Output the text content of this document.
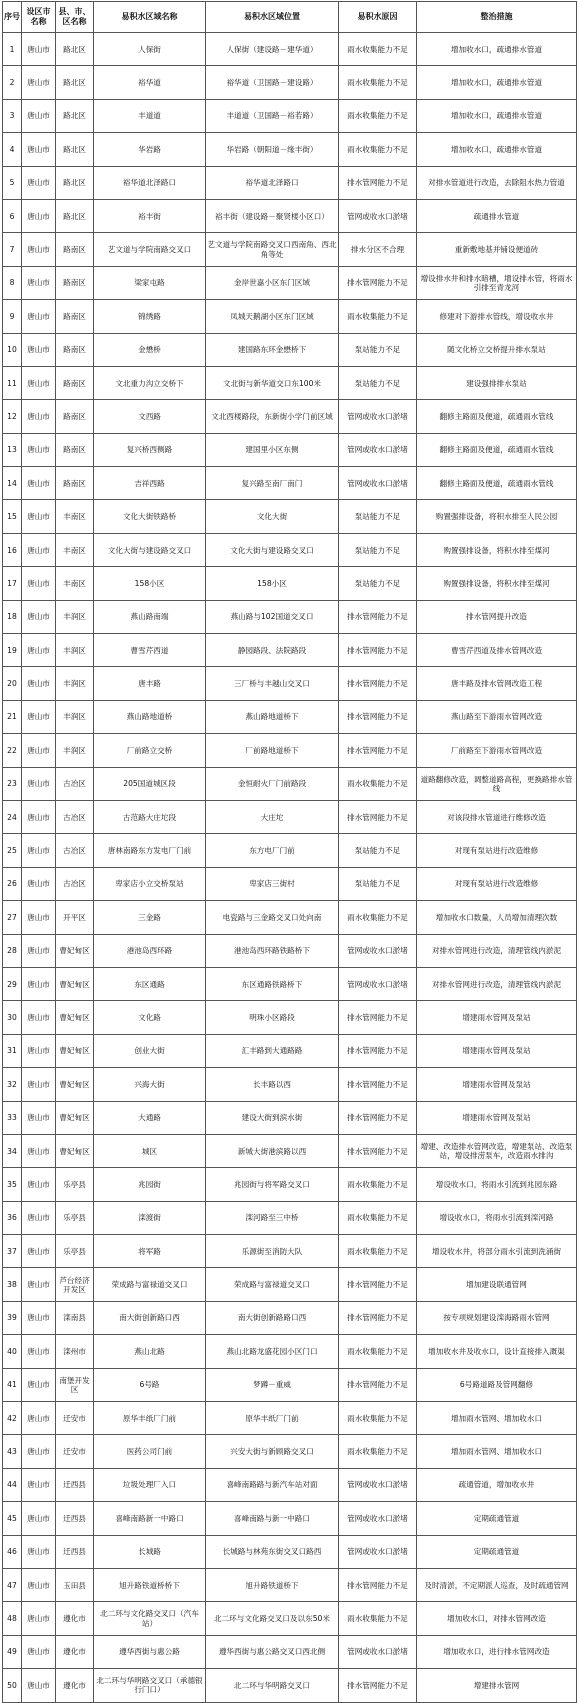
序号	设区市名称	县、市、区名称	易积水区域名称	易积水区域位置	易积水原因	整治措施
1	唐山市	路北区	人保街	人保街（建设路－建华道）	雨水收集能力不足	增加收水口，疏通排水管道
2	唐山市	路北区	裕华道	裕华道（卫国路－建设路）	雨水收集能力不足	增加收水口，疏通排水管道
3	唐山市	路北区	丰道道	丰道道（卫国路－裕若路）	雨水收集能力不足	增加收水口，疏通排水管道
4	唐山市	路北区	华岩路	华岩路（朝阳道－缘丰街）	雨水收集能力不足	增加收水口，疏通排水管道
5	唐山市	路北区	裕华道北泽路口	裕华道北泽路口	排水管网能力不足	对排水管道进行改造，去除阻水热力管道
6	唐山市	路北区	裕丰街	裕丰街（建设路－聚贤楼小区口）	管网或收水口淤堵	疏通排水管道
7	唐山市	路南区	艺文道与学院南路交叉口	艺文道与学院南路交叉口西南角、西北角等处	排水分区不合理	重新敷地基并铺设便道砖
8	唐山市	路南区	梁家屯路	金岸世嘉小区东门区域	排水管网能力不足	增设排水井和排水暗槽，增设排水管，将雨水引排至青龙河
9	唐山市	路南区	锦绣路	凤城天鹅湖小区东门区域	雨水收集能力不足	修建对下游排水管线，增设收水井
10	唐山市	路南区	金懋桥	建国路东环金懋桥下	泵站能力不足	随文化桥立交桥提升排水泵站
11	唐山市	路南区	文北重力沟立交桥下	文北街与新华道交口东100米	泵站能力不足	建设强排排水泵站
12	唐山市	路南区	文西路	文北西楼路段，东新街小学门前区域	管网或收水口淤堵	翻修主路面及便道，疏通雨水管线
13	唐山市	路南区	复兴桥西侧路	建国里小区东侧	管网或收水口淤堵	翻修主路面及便道，疏通雨水管线
14	唐山市	路南区	吉祥西路	复兴路至南厂南门	管网或收水口淤堵	翻修主路面及便道，疏通雨水管线
15	唐山市	丰南区	文化大街铁路桥	文化大街	泵站能力不足	购置强排设备，将积水排至人民公园
16	唐山市	丰南区	文化大街与建设路交叉口	文化大街与建设路交叉口	泵站能力不足	购置强排设备，将积水排至煤河
17	唐山市	丰南区	158小区	158小区	泵站能力不足	购置强排设备，将积水排至煤河
18	唐山市	丰润区	燕山路南端	燕山路与102国道交叉口	排水管网能力不足	排水管网提升改造
19	唐山市	丰润区	曹雪芹西道	静园路段、法院路段	排水管网能力不足	曹雪芹西道及排水管网改造
20	唐山市	丰润区	唐丰路	三厂桥与丰越山交叉口	排水管网能力不足	唐丰路及排水管网改造工程
21	唐山市	丰润区	燕山路地道桥	燕山路地道桥下	排水管网能力不足	燕山路至下游雨水管网改造
22	唐山市	丰润区	厂前路立交桥	厂前路地道桥下	排水管网能力不足	厂前路至下游雨水管网改造
23	唐山市	古冶区	205国道城区段	金恒耐火厂门前路段	雨水收集能力不足	道路翻修改造，调整道路高程，更换路排水管线
24	唐山市	古冶区	古范路大庄坨段	大庄坨	排水管网能力不足	对该段排水管道进行维修改造
25	唐山市	古冶区	唐林南路东方发电厂门前	东方电厂门前	泵站能力不足	对现有泵站进行改造维修
26	唐山市	古冶区	卑家店小立交桥泵站	卑家店三街村	泵站能力不足	对现有泵站进行改造维修
27	唐山市	开平区	三金路	电瓷路与三金路交叉口处向南	雨水收集能力不足	增加收水口数量，人员增加清理次数
28	唐山市	曹妃甸区	港池岛西环路	港池岛西环路铁路桥下	管网或收水口淤堵	对排水管网进行改造，清理管线内淤泥
29	唐山市	曹妃甸区	东区通路	东区通路铁路桥下	管网或收水口淤堵	对排水管网进行改造，清理管线内淤泥
30	唐山市	曹妃甸区	文化路	明珠小区路段	排水管网能力不足	增建雨水管网及泵站
31	唐山市	曹妃甸区	创业大街	汇丰路到大通路路	排水管网能力不足	增建雨水管网及泵站
32	唐山市	曹妃甸区	兴海大街	长丰路以西	排水管网能力不足	增建雨水管网及泵站
33	唐山市	曹妃甸区	大通路	建设大街到滨水街	排水管网能力不足	增建雨水管网及泵站
34	唐山市	曹妃甸区	城区	新城大街港滨路以西	排水管网能力不足	增建、改造排水管网改造，增建泵站、改造泵站，增设排涝泵车，改造雨水排沟
35	唐山市	乐亭县	兆园街	兆园街与将军路交叉口	雨水收集能力不足	增设收水口，将雨水引流到兆园东路
36	唐山市	乐亭县	滦渡街	滦河路至三中桥	雨水收集能力不足	增设收水口，将雨水引流到滦河路
37	唐山市	乐亭县	将军路	乐源街至消防大队	雨水收集能力不足	增设收水井，将部分雨水引流到洗涌街
38	唐山市	芦台经济开发区	荣成路与富禄道交叉口	荣成路与富禄道交叉口	排水管网能力不足	增加建设联通管网
39	唐山市	滦南县	南大街创新路口西	南大街创新路路口西	排水管网能力不足	按专项规划建设滦海路雨水管网
40	唐山市	滦州市	燕山北路	燕山北路龙盛花园小区门口	雨水收集能力不足	增加收水井及收水口，设计直接排入溉渠
41	唐山市	南堡开发区	6号路	梦蹲－重威	排水管网能力不足	6号路道路及管网翻修
42	唐山市	迁安市	原华丰纸厂门前	原华丰纸厂门前	雨水收集能力不足	增加雨水管网、增加收水口
43	唐山市	迁安市	医药公司门前	兴安大街与新顾路交叉口	雨水收集能力不足	增加雨水管网、增加收水口
44	唐山市	迁西县	垃圾处理厂入口	喜峰南路路与新汽车站对面	管网或收水口淤堵	疏通管道，增加收水井
45	唐山市	迁西县	喜峰南路新一中路口	喜峰南路与新一中路口	管网或收水口淤堵	定期疏通管道
46	唐山市	迁西县	长城路	长城路与林苑东街交叉口路西	管网或收水口淤堵	定期疏通管道
47	唐山市	玉田县	旭升路铁道桥桥下	旭升路铁道桥下	排水管网能力不足	及时清淤，不定期派人巡查，及时疏通管网
48	唐山市	遵化市	北二环与文化路交叉口（汽车站）	北二环与文化路交叉口及以东50米	雨水收集能力不足	增加收水口，对排水管网改造
49	唐山市	遵化市	遵华西街与惠公路	遵华西街与惠公路交叉口西北侧	管网或收水口淤堵	增加收水口，进行排水管网改造
50	唐山市	遵化市	北二环与华明路交叉口（承德银行门口）	北二环与华明路交叉口	排水管网能力不足	增建排水管网
